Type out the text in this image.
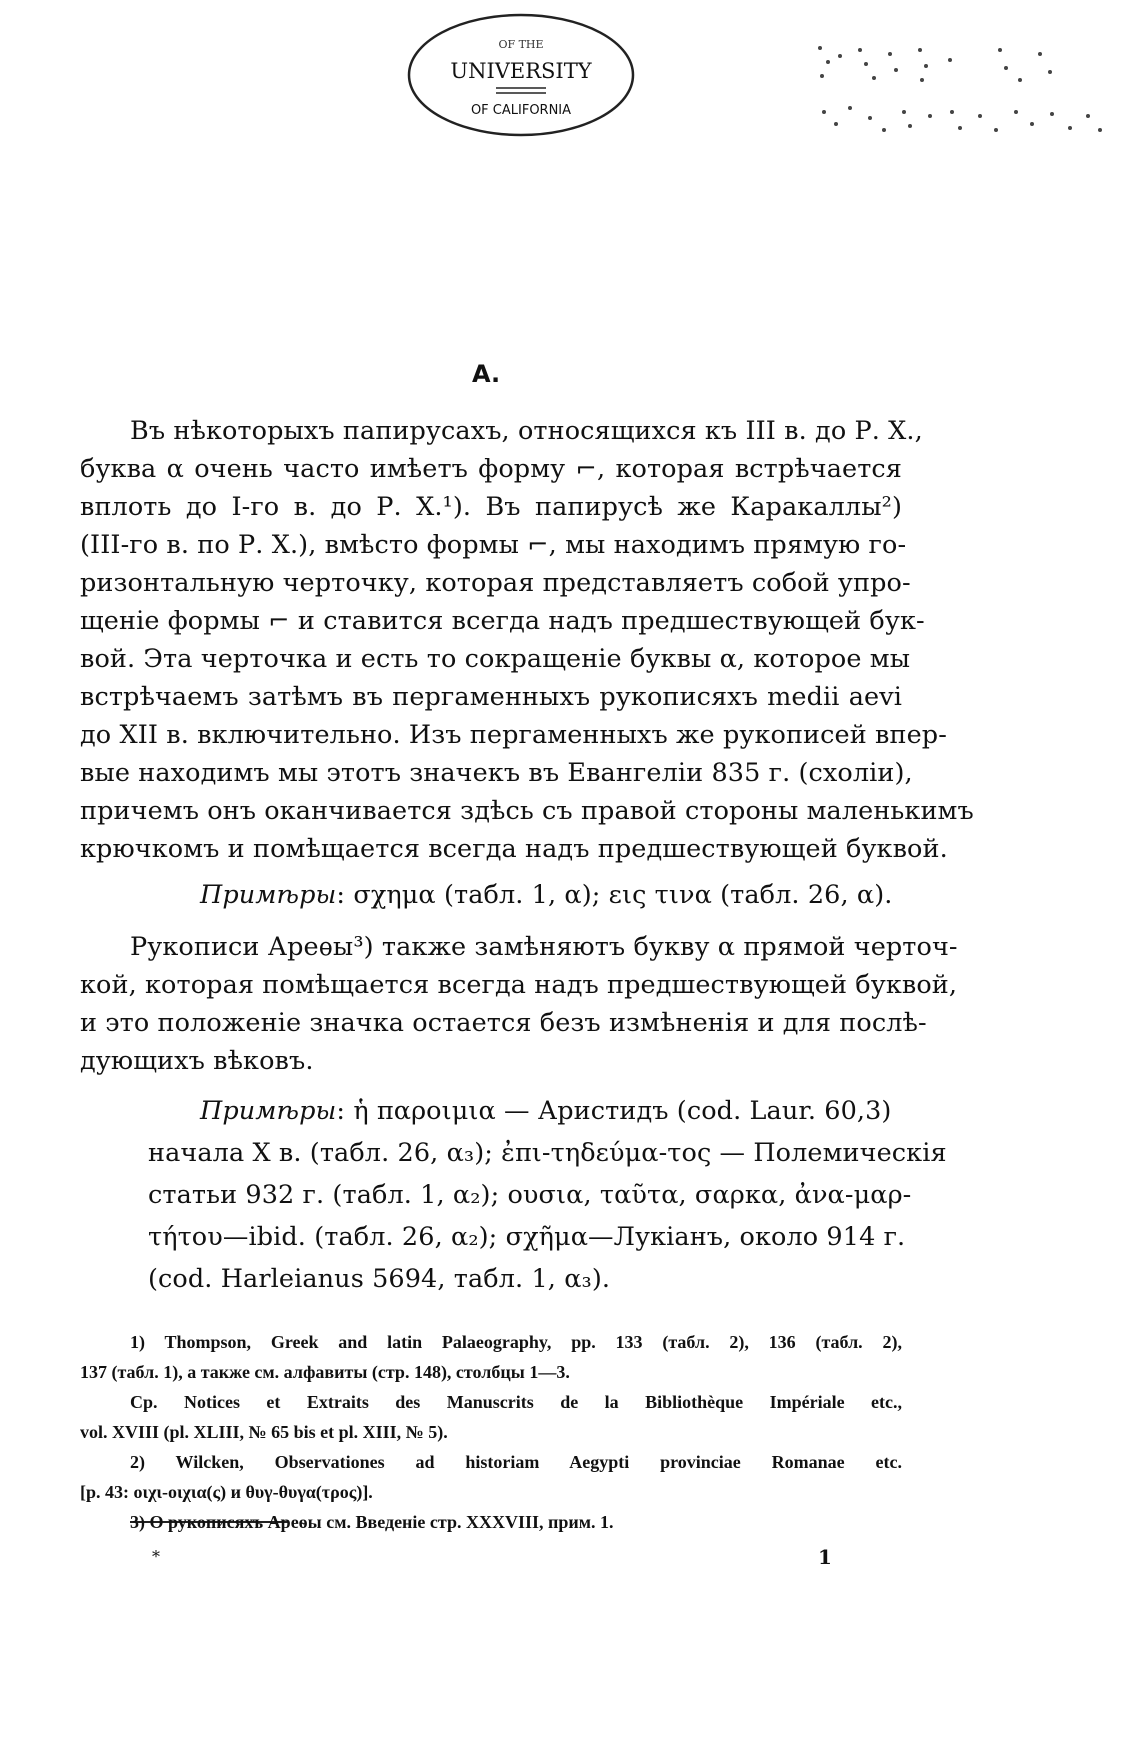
OF THE
UNIVERSITY
OF CALIFORNIA
A.
Въ нѣкоторыхъ папирусахъ, относящихся къ III в. до Р. Х.,
буква α очень часто имѣетъ форму ⌐, которая встрѣчается
вплоть до I-го в. до Р. Х.¹). Въ папирусѣ же Каракаллы²)
(III-го в. по Р. Х.), вмѣсто формы ⌐, мы находимъ прямую го-
ризонтальную черточку, которая представляетъ собой упро-
щеніе формы ⌐ и ставится всегда надъ предшествующей бук-
вой. Эта черточка и есть то сокращеніе буквы α, которое мы
встрѣчаемъ затѣмъ въ пергаменныхъ рукописяхъ medii aevi
до XII в. включительно. Изъ пергаменныхъ же рукописей впер-
вые находимъ мы этотъ значекъ въ Евангеліи 835 г. (схоліи),
причемъ онъ оканчивается здѣсь съ правой стороны маленькимъ
крючкомъ и помѣщается всегда надъ предшествующей буквой.
Примѣры: σχημα (табл. 1, α); εις τινα (табл. 26, α).
Рукописи Ареѳы³) также замѣняютъ букву α прямой черточ-
кой, которая помѣщается всегда надъ предшествующей буквой,
и это положеніе значка остается безъ измѣненія и для послѣ-
дующихъ вѣковъ.
Примѣры: ἡ παροιμια — Аристидъ (cod. Laur. 60,3)
начала X в. (табл. 26, α₃); ἐπι-τηδεύμα-τος — Полемическія
статьи 932 г. (табл. 1, α₂); ουσια, ταῦτα, σαρκα, ἀνα-μαρ-
τήτου—ibid. (табл. 26, α₂); σχῆμα—Лукіанъ, около 914 г.
(cod. Harleianus 5694, табл. 1, α₃).
1) Thompson, Greek and latin Palaeography, pp. 133 (табл. 2), 136 (табл. 2),
137 (табл. 1), а также см. алфавиты (стр. 148), столбцы 1—3.
Ср. Notices et Extraits des Manuscrits de la Bibliothèque Impériale etc.,
vol. XVIII (pl. XLIII, № 65 bis et pl. XIII, № 5).
2) Wilcken, Observationes ad historiam Aegypti provinciae Romanae etc.
[р. 43: οιχι-οιχια(ς) и θυγ-θυγα(τρος)].
3) О рукописяхъ Ареѳы см. Введеніе стр. XXXVIII, прим. 1.
*	1
